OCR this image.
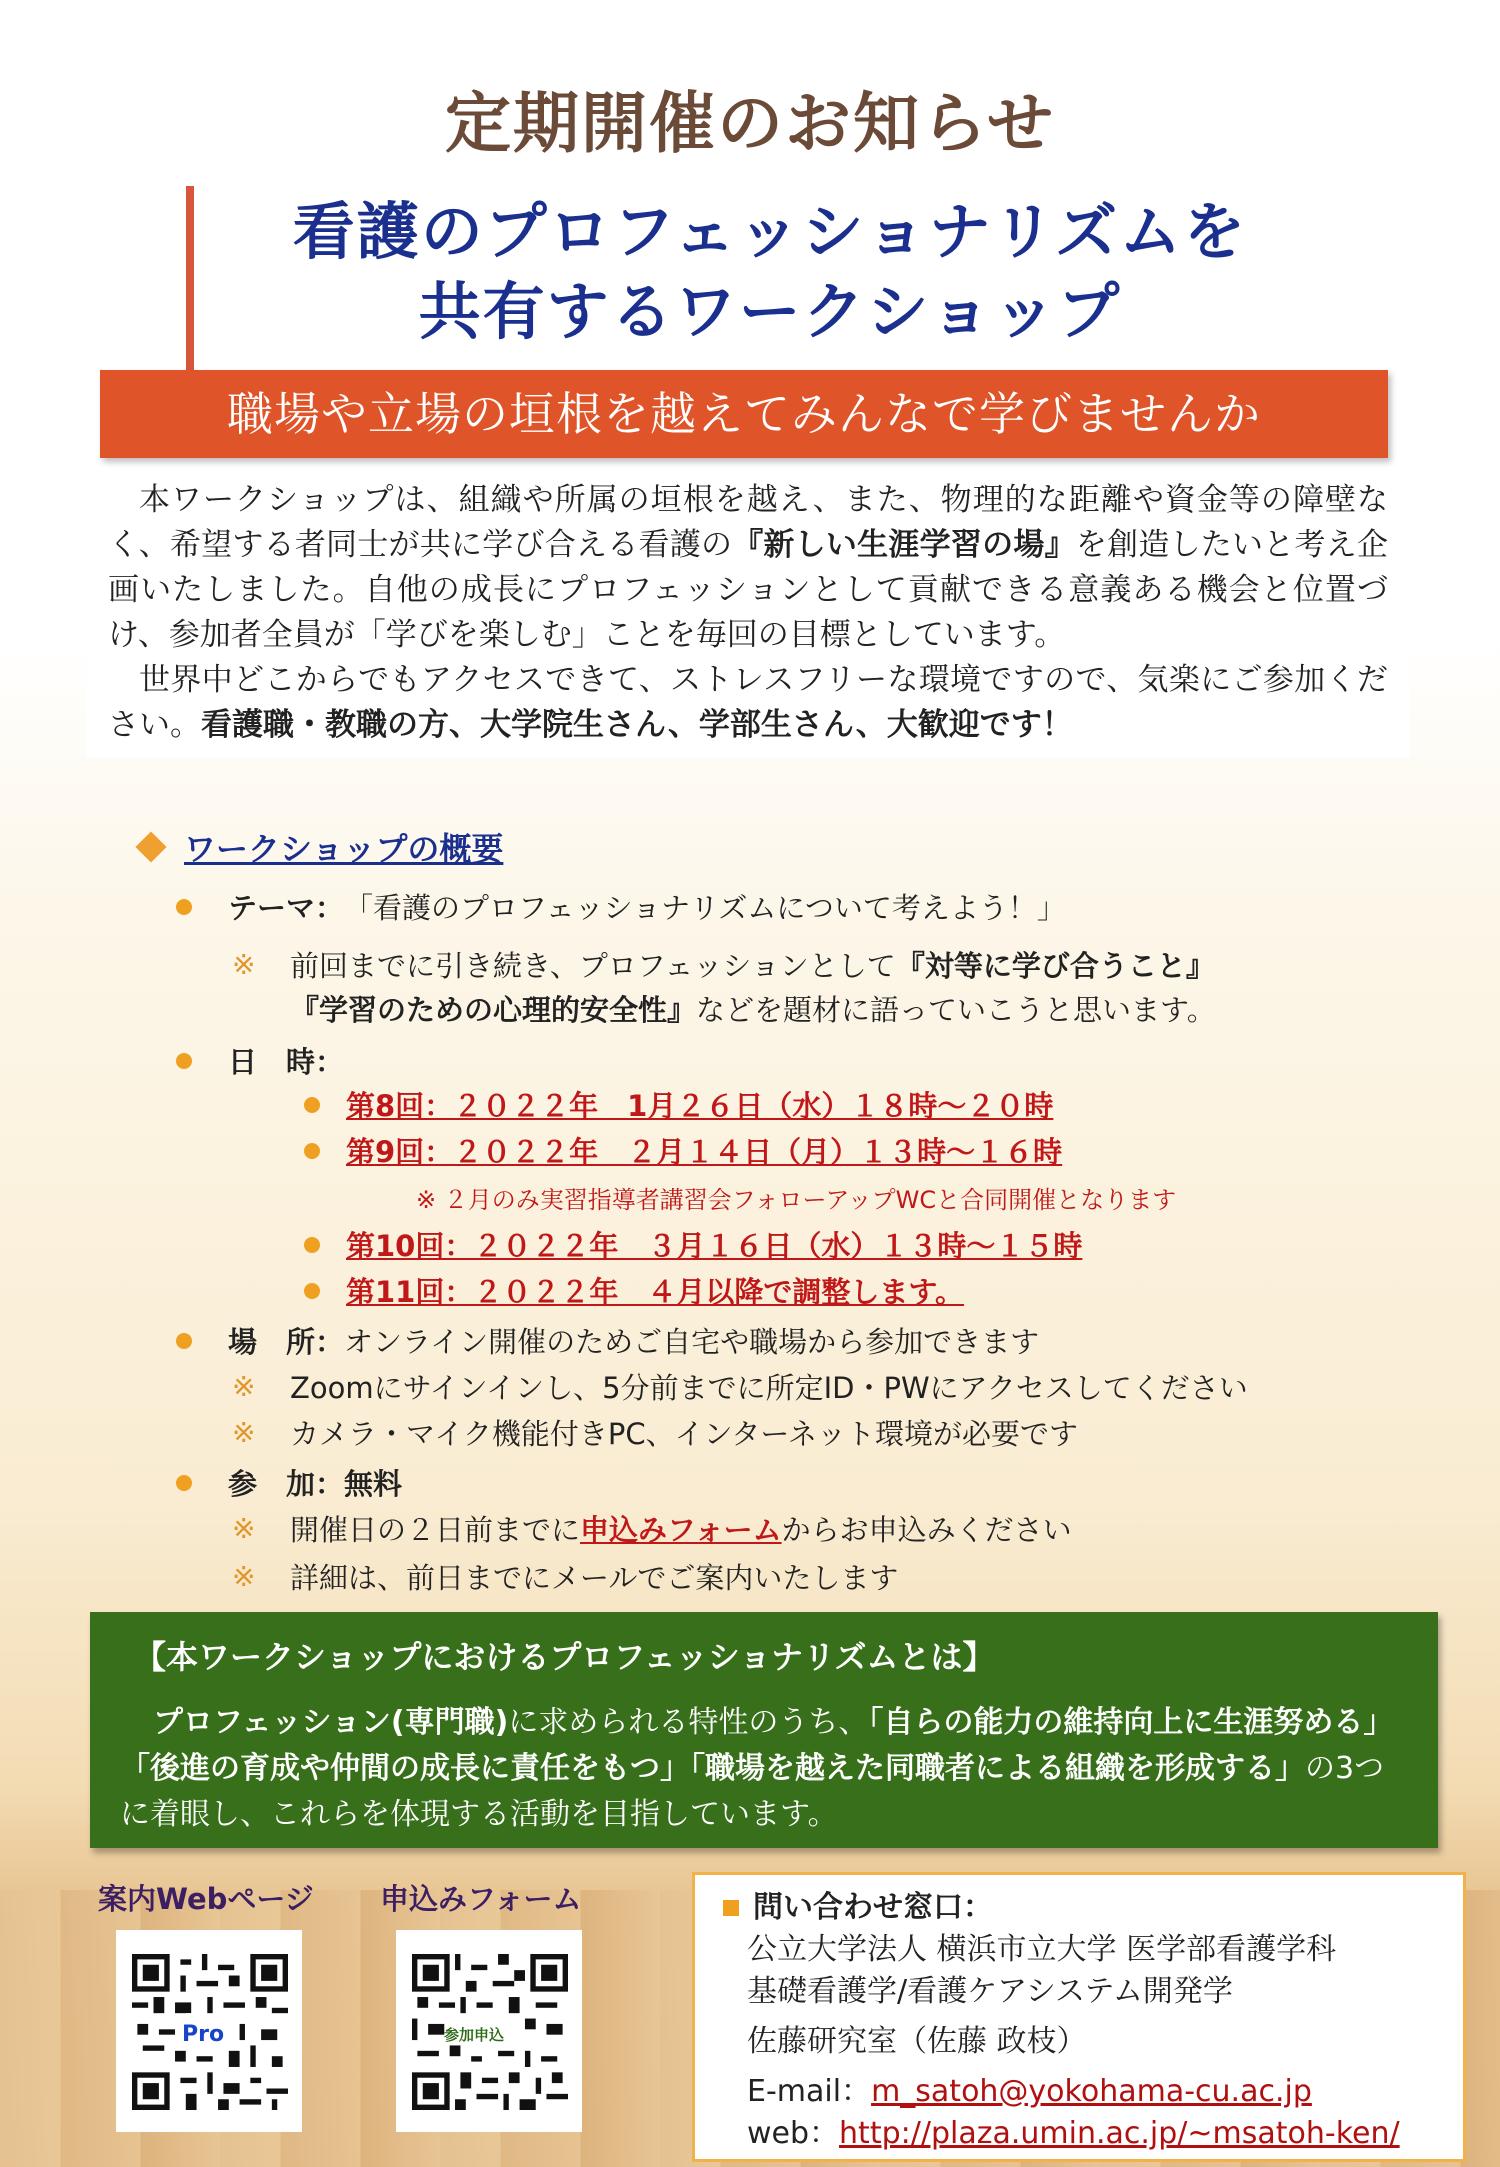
定期開催のお知らせ
看護のプロフェッショナリズムを
共有するワークショップ
職場や立場の垣根を越えてみんなで学びませんか

本ワークショップは、組織や所属の垣根を越え、また、物理的な距離や資金等の障壁なく、希望する者同士が共に学び合える看護の『新しい生涯学習の場』を創造したいと考え企画いたしました。自他の成長にプロフェッションとして貢献できる意義ある機会と位置づけ、参加者全員が「学びを楽しむ」ことを毎回の目標としています。

世界中どこからでもアクセスできて、ストレスフリーな環境ですので、気楽にご参加ください。看護職・教職の方、大学院生さん、学部生さん、大歓迎です！

ワークショップの概要
テーマ： 「看護のプロフェッショナリズムについて考えよう！」
※	前回までに引き続き、プロフェッションとして 『対等に学び合うこと』
『学習のための心理的安全性』 などを題材に語っていこうと思います。
日　時：
第8回：２０２２年　1月２６日（水）１８時～２０時
第9回：２０２２年　２月１４日（月）１３時～１６時
※ ２月のみ実習指導者講習会フォローアップWCと合同開催となります
第10回：２０２２年　３月１６日（水）１３時～１５時
第11回：２０２２年　４月以降で調整します。
場　所： オンライン開催のためご自宅や職場から参加できます
※	Zoomにサインインし、5分前までに所定ID・PWにアクセスしてください
※	カメラ・マイク機能付きPC、インターネット環境が必要です
参　加：無料
※	開催日の２日前までに 申込みフォーム からお申込みください
※	詳細は、前日までにメールでご案内いたします
【本ワークショップにおけるプロフェッショナリズムとは】
プロフェッション(専門職)に求められる特性のうち、「自らの能力の維持向上に生涯努める」「後進の育成や仲間の成長に責任をもつ」「職場を越えた同職者による組織を形成する」の3つに着眼し、これらを体現する活動を目指しています。
案内Webページ 申込みフォーム
Pro	参加申込
問い合わせ窓口 ：
公立大学法人 横浜市立大学 医学部看護学科
基礎看護学/看護ケアシステム開発学
佐藤研究室（佐藤 政枝）
E-mail：m_satoh@yokohama-cu.ac.jp
web：http://plaza.umin.ac.jp/~msatoh-ken/
